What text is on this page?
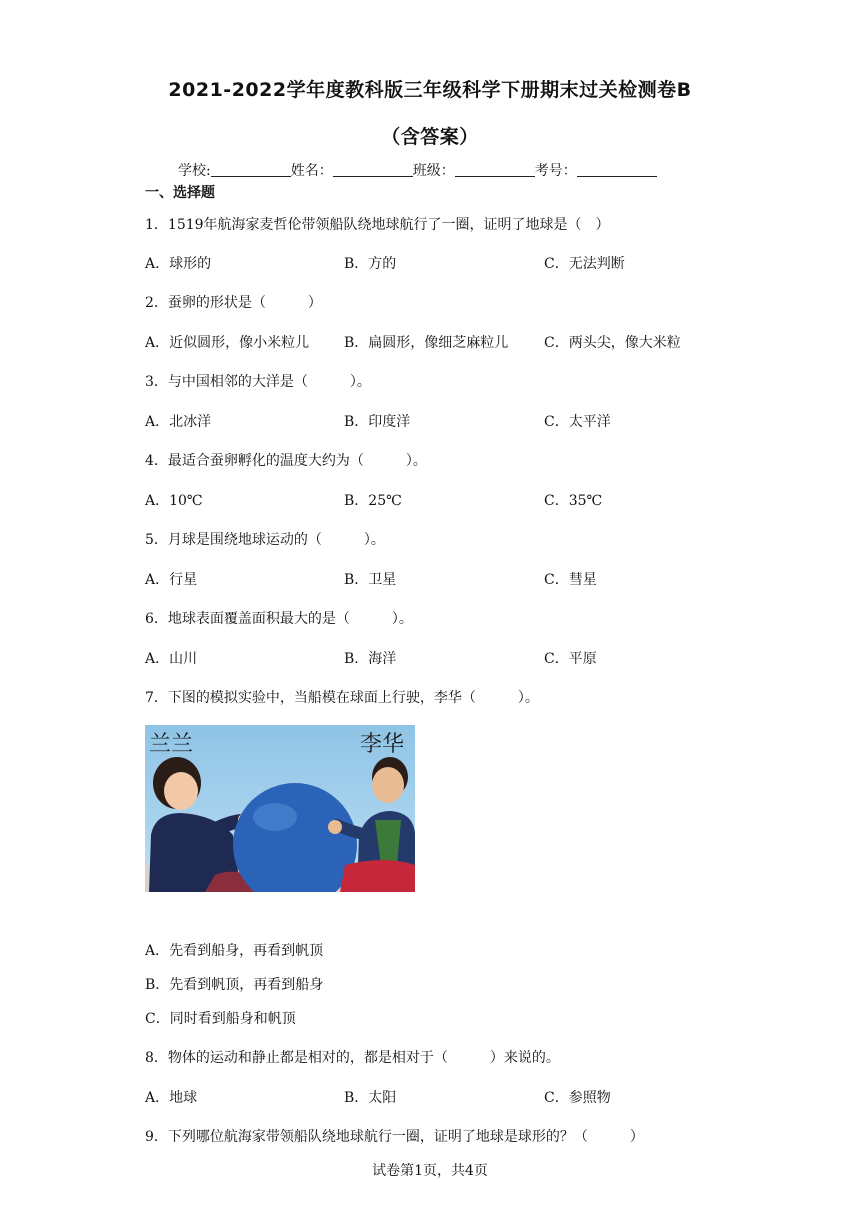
2021-2022学年度教科版三年级科学下册期末过关检测卷B
（含答案）
学校:	姓名：	班级：	考号：
一、选择题
1．1519年航海家麦哲伦带领船队绕地球航行了一圈，证明了地球是（　）
A．球形的	B．方的	C．无法判断
2．蚕卵的形状是（　　　）
A．近似圆形，像小米粒儿 B．扁圆形，像细芝麻粒儿	C．两头尖，像大米粒
3．与中国相邻的大洋是（　　　）。
A．北冰洋	B．印度洋	C．太平洋
4．最适合蚕卵孵化的温度大约为（　　　）。
A．10℃	B．25℃	C．35℃
5．月球是围绕地球运动的（　　　）。
A．行星	B．卫星	C．彗星
6．地球表面覆盖面积最大的是（　　　）。
A．山川	B．海洋	C．平原
7．下图的模拟实验中，当船模在球面上行驶，李华（　　　）。
兰兰	李华
A．先看到船身，再看到帆顶
B．先看到帆顶，再看到船身
C．同时看到船身和帆顶
8．物体的运动和静止都是相对的，都是相对于（　　　）来说的。
A．地球	B．太阳	C．参照物
9．下列哪位航海家带领船队绕地球航行一圈，证明了地球是球形的？（　　　）
试卷第1页，共4页
